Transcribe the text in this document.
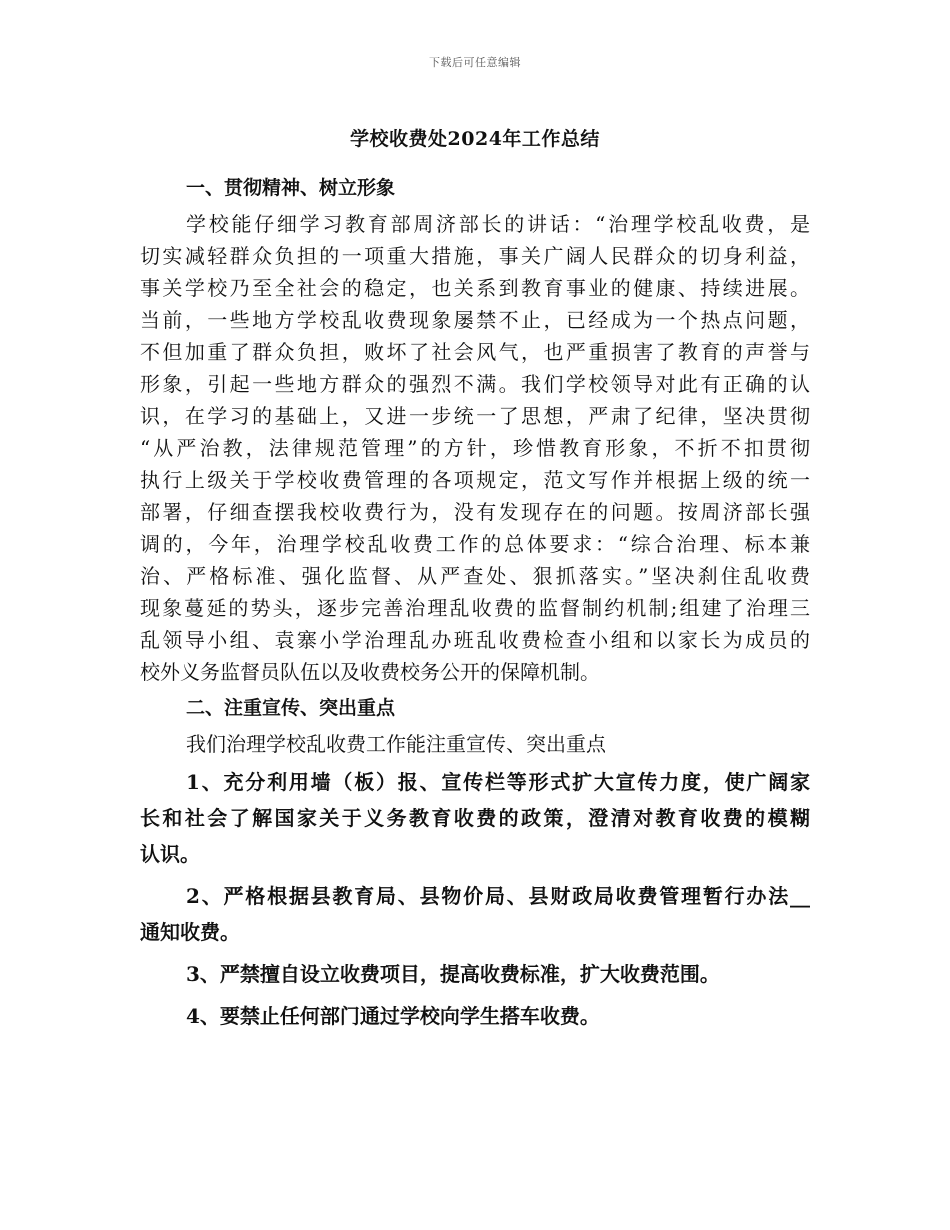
下载后可任意编辑
学校收费处2024年工作总结
一、贯彻精神、树立形象
学校能仔细学习教育部周济部长的讲话：“治理学校乱收费，是
切实减轻群众负担的一项重大措施，事关广阔人民群众的切身利益，
事关学校乃至全社会的稳定，也关系到教育事业的健康、持续进展。
当前，一些地方学校乱收费现象屡禁不止，已经成为一个热点问题，
不但加重了群众负担，败坏了社会风气，也严重损害了教育的声誉与
形象，引起一些地方群众的强烈不满。我们学校领导对此有正确的认
识，在学习的基础上，又进一步统一了思想，严肃了纪律，坚决贯彻
“从严治教，法律规范管理”的方针，珍惜教育形象，不折不扣贯彻
执行上级关于学校收费管理的各项规定，范文写作并根据上级的统一
部署，仔细查摆我校收费行为，没有发现存在的问题。按周济部长强
调的，今年，治理学校乱收费工作的总体要求：“综合治理、标本兼
治、严格标准、强化监督、从严查处、狠抓落实。”坚决刹住乱收费
现象蔓延的势头，逐步完善治理乱收费的监督制约机制;组建了治理三
乱领导小组、袁寨小学治理乱办班乱收费检查小组和以家长为成员的
校外义务监督员队伍以及收费校务公开的保障机制。
二、注重宣传、突出重点
我们治理学校乱收费工作能注重宣传、突出重点
1、充分利用墙（板）报、宣传栏等形式扩大宣传力度，使广阔家
长和社会了解国家关于义务教育收费的政策，澄清对教育收费的模糊
认识。
2、严格根据县教育局、县物价局、县财政局收费管理暂行办法__
通知收费。
3、严禁擅自设立收费项目，提高收费标准，扩大收费范围。
4、要禁止任何部门通过学校向学生搭车收费。
